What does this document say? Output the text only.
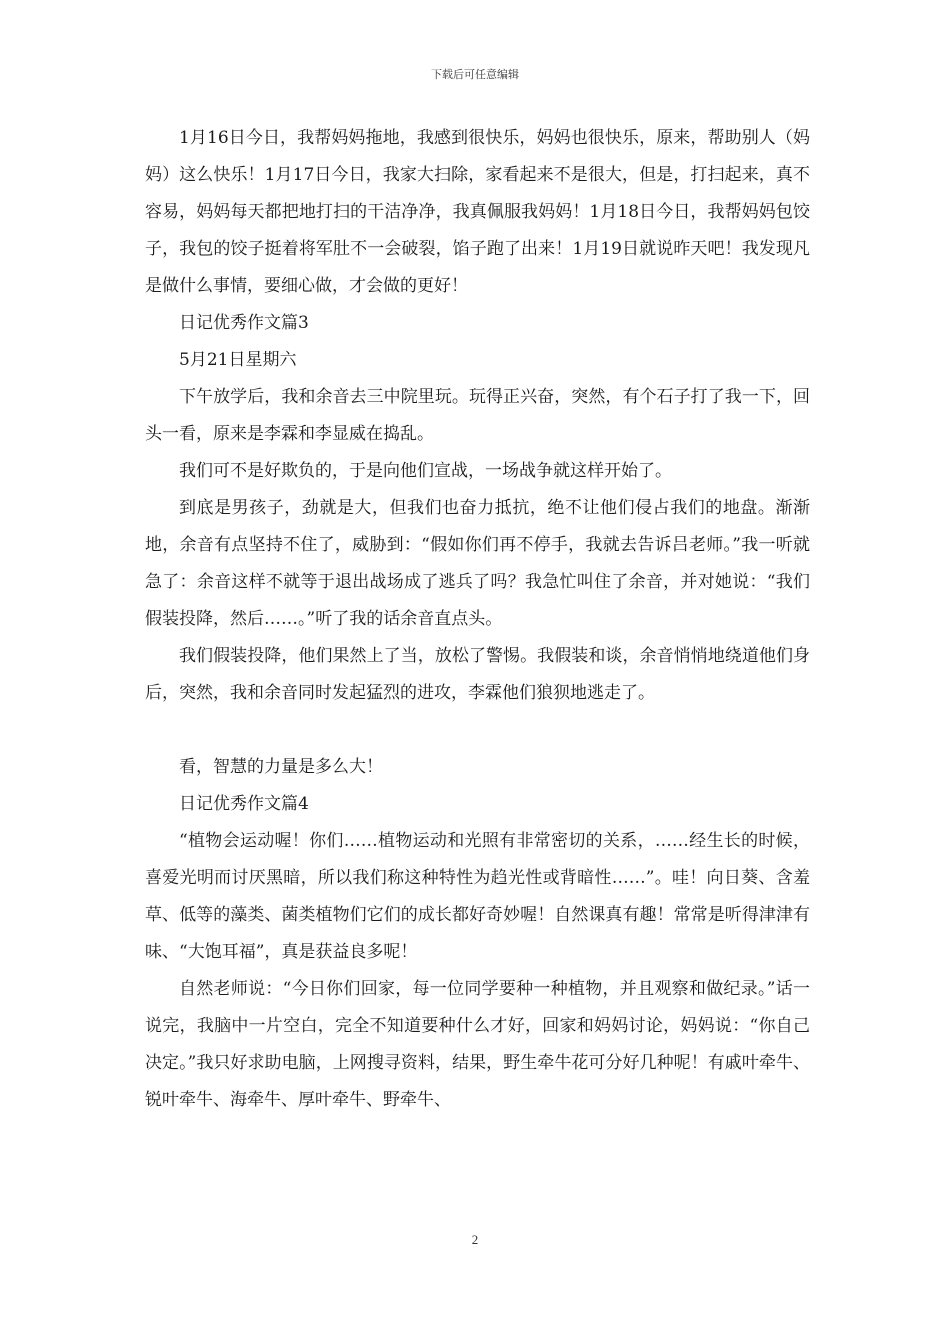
下载后可任意编辑

1月16日今日，我帮妈妈拖地，我感到很快乐，妈妈也很快乐，原来，帮助别人（妈妈）这么快乐！1月17日今日，我家大扫除，家看起来不是很大，但是，打扫起来，真不容易，妈妈每天都把地打扫的干洁净净，我真佩服我妈妈！1月18日今日，我帮妈妈包饺子，我包的饺子挺着将军肚不一会破裂，馅子跑了出来！1月19日就说昨天吧！我发现凡是做什么事情，要细心做，才会做的更好！

日记优秀作文篇3

5月21日星期六

下午放学后，我和余音去三中院里玩。玩得正兴奋，突然，有个石子打了我一下，回头一看，原来是李霖和李显威在捣乱。

我们可不是好欺负的，于是向他们宣战，一场战争就这样开始了。

到底是男孩子，劲就是大，但我们也奋力抵抗，绝不让他们侵占我们的地盘。渐渐地，余音有点坚持不住了，威胁到：“假如你们再不停手，我就去告诉吕老师。”我一听就急了：余音这样不就等于退出战场成了逃兵了吗？我急忙叫住了余音，并对她说：“我们假装投降，然后……。”听了我的话余音直点头。

我们假装投降，他们果然上了当，放松了警惕。我假装和谈，余音悄悄地绕道他们身后，突然，我和余音同时发起猛烈的进攻，李霖他们狼狈地逃走了。

看，智慧的力量是多么大！

日记优秀作文篇4

“植物会运动喔！你们……植物运动和光照有非常密切的关系，……经生长的时候，喜爱光明而讨厌黑暗，所以我们称这种特性为趋光性或背暗性……”。哇！向日葵、含羞草、低等的藻类、菌类植物们它们的成长都好奇妙喔！自然课真有趣！常常是听得津津有味、“大饱耳福”，真是获益良多呢！

自然老师说：“今日你们回家，每一位同学要种一种植物，并且观察和做纪录。”话一说完，我脑中一片空白，完全不知道要种什么才好，回家和妈妈讨论，妈妈说：“你自己决定。”我只好求助电脑，上网搜寻资料，结果，野生牵牛花可分好几种呢！有戚叶牵牛、锐叶牵牛、海牵牛、厚叶牵牛、野牵牛、

2
